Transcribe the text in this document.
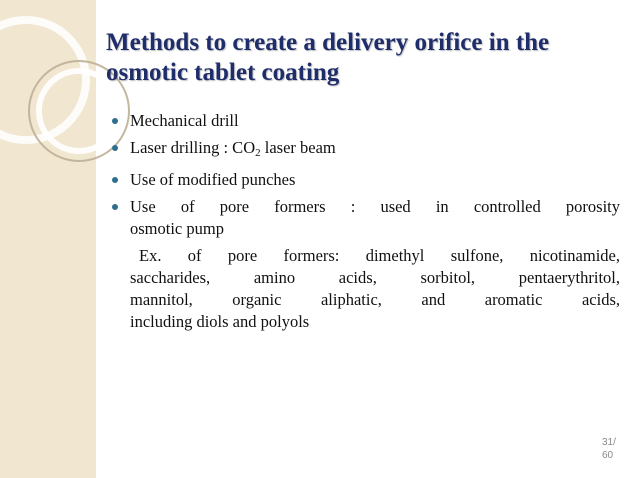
Methods to create a delivery orifice in the osmotic tablet coating
Mechanical drill
Laser drilling : $CO_2$ laser beam
Use of modified punches
Use of pore formers : used in controlled porosity
osmotic pump
Ex. of pore formers: dimethyl sulfone, nicotinamide,
saccharides, amino acids, sorbitol, pentaerythritol,
mannitol, organic aliphatic, and aromatic acids,
including diols and polyols
31/
60
